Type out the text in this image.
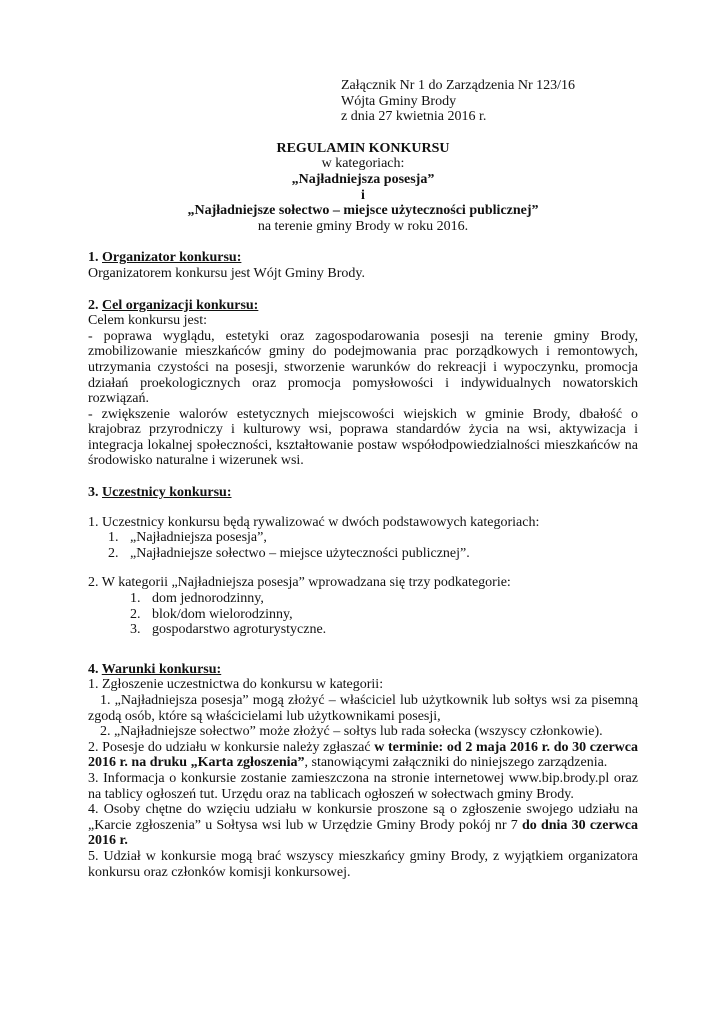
Załącznik Nr 1 do Zarządzenia Nr 123/16

Wójta Gminy Brody

z dnia 27 kwietnia 2016 r.

REGULAMIN KONKURSU

w kategoriach:

„Najładniejsza posesja”

i

„Najładniejsze sołectwo – miejsce użyteczności publicznej”

na terenie gminy Brody w roku 2016.

1. Organizator konkursu:

Organizatorem konkursu jest Wójt Gminy Brody.

2. Cel organizacji konkursu:

Celem konkursu jest:

- poprawa wyglądu, estetyki oraz zagospodarowania posesji na terenie gminy Brody, zmobilizowanie mieszkańców gminy do podejmowania prac porządkowych i remontowych, utrzymania czystości na posesji, stworzenie warunków do rekreacji i wypoczynku, promocja działań proekologicznych oraz promocja pomysłowości i indywidualnych nowatorskich rozwiązań.

- zwiększenie walorów estetycznych miejscowości wiejskich w gminie Brody, dbałość o krajobraz przyrodniczy i kulturowy wsi, poprawa standardów życia na wsi, aktywizacja i integracja lokalnej społeczności, kształtowanie postaw współodpowiedzialności mieszkańców na środowisko naturalne i wizerunek wsi.

3. Uczestnicy konkursu:

1. Uczestnicy konkursu będą rywalizować w dwóch podstawowych kategoriach:

1. „Najładniejsza posesja”,

2. „Najładniejsze sołectwo – miejsce użyteczności publicznej”.

2. W kategorii „Najładniejsza posesja” wprowadzana się trzy podkategorie:

1. dom jednorodzinny,

2. blok/dom wielorodzinny,

3. gospodarstwo agroturystyczne.

4. Warunki konkursu:

1. Zgłoszenie uczestnictwa do konkursu w kategorii:

1. „Najładniejsza posesja” mogą złożyć – właściciel lub użytkownik lub sołtys wsi za pisemną zgodą osób, które są właścicielami lub użytkownikami posesji,

2. „Najładniejsze sołectwo” może złożyć – sołtys lub rada sołecka (wszyscy członkowie).

2. Posesje do udziału w konkursie należy zgłaszać w terminie: od 2 maja 2016 r. do 30 czerwca 2016 r. na druku „Karta zgłoszenia”, stanowiącymi załączniki do niniejszego zarządzenia.

3. Informacja o konkursie zostanie zamieszczona na stronie internetowej www.bip.brody.pl oraz na tablicy ogłoszeń tut. Urzędu oraz na tablicach ogłoszeń w sołectwach gminy Brody.

4. Osoby chętne do wzięciu udziału w konkursie proszone są o zgłoszenie swojego udziału na „Karcie zgłoszenia” u Sołtysa wsi lub w Urzędzie Gminy Brody pokój nr 7 do dnia 30 czerwca 2016 r.

5. Udział w konkursie mogą brać wszyscy mieszkańcy gminy Brody, z wyjątkiem organizatora konkursu oraz członków komisji konkursowej.
